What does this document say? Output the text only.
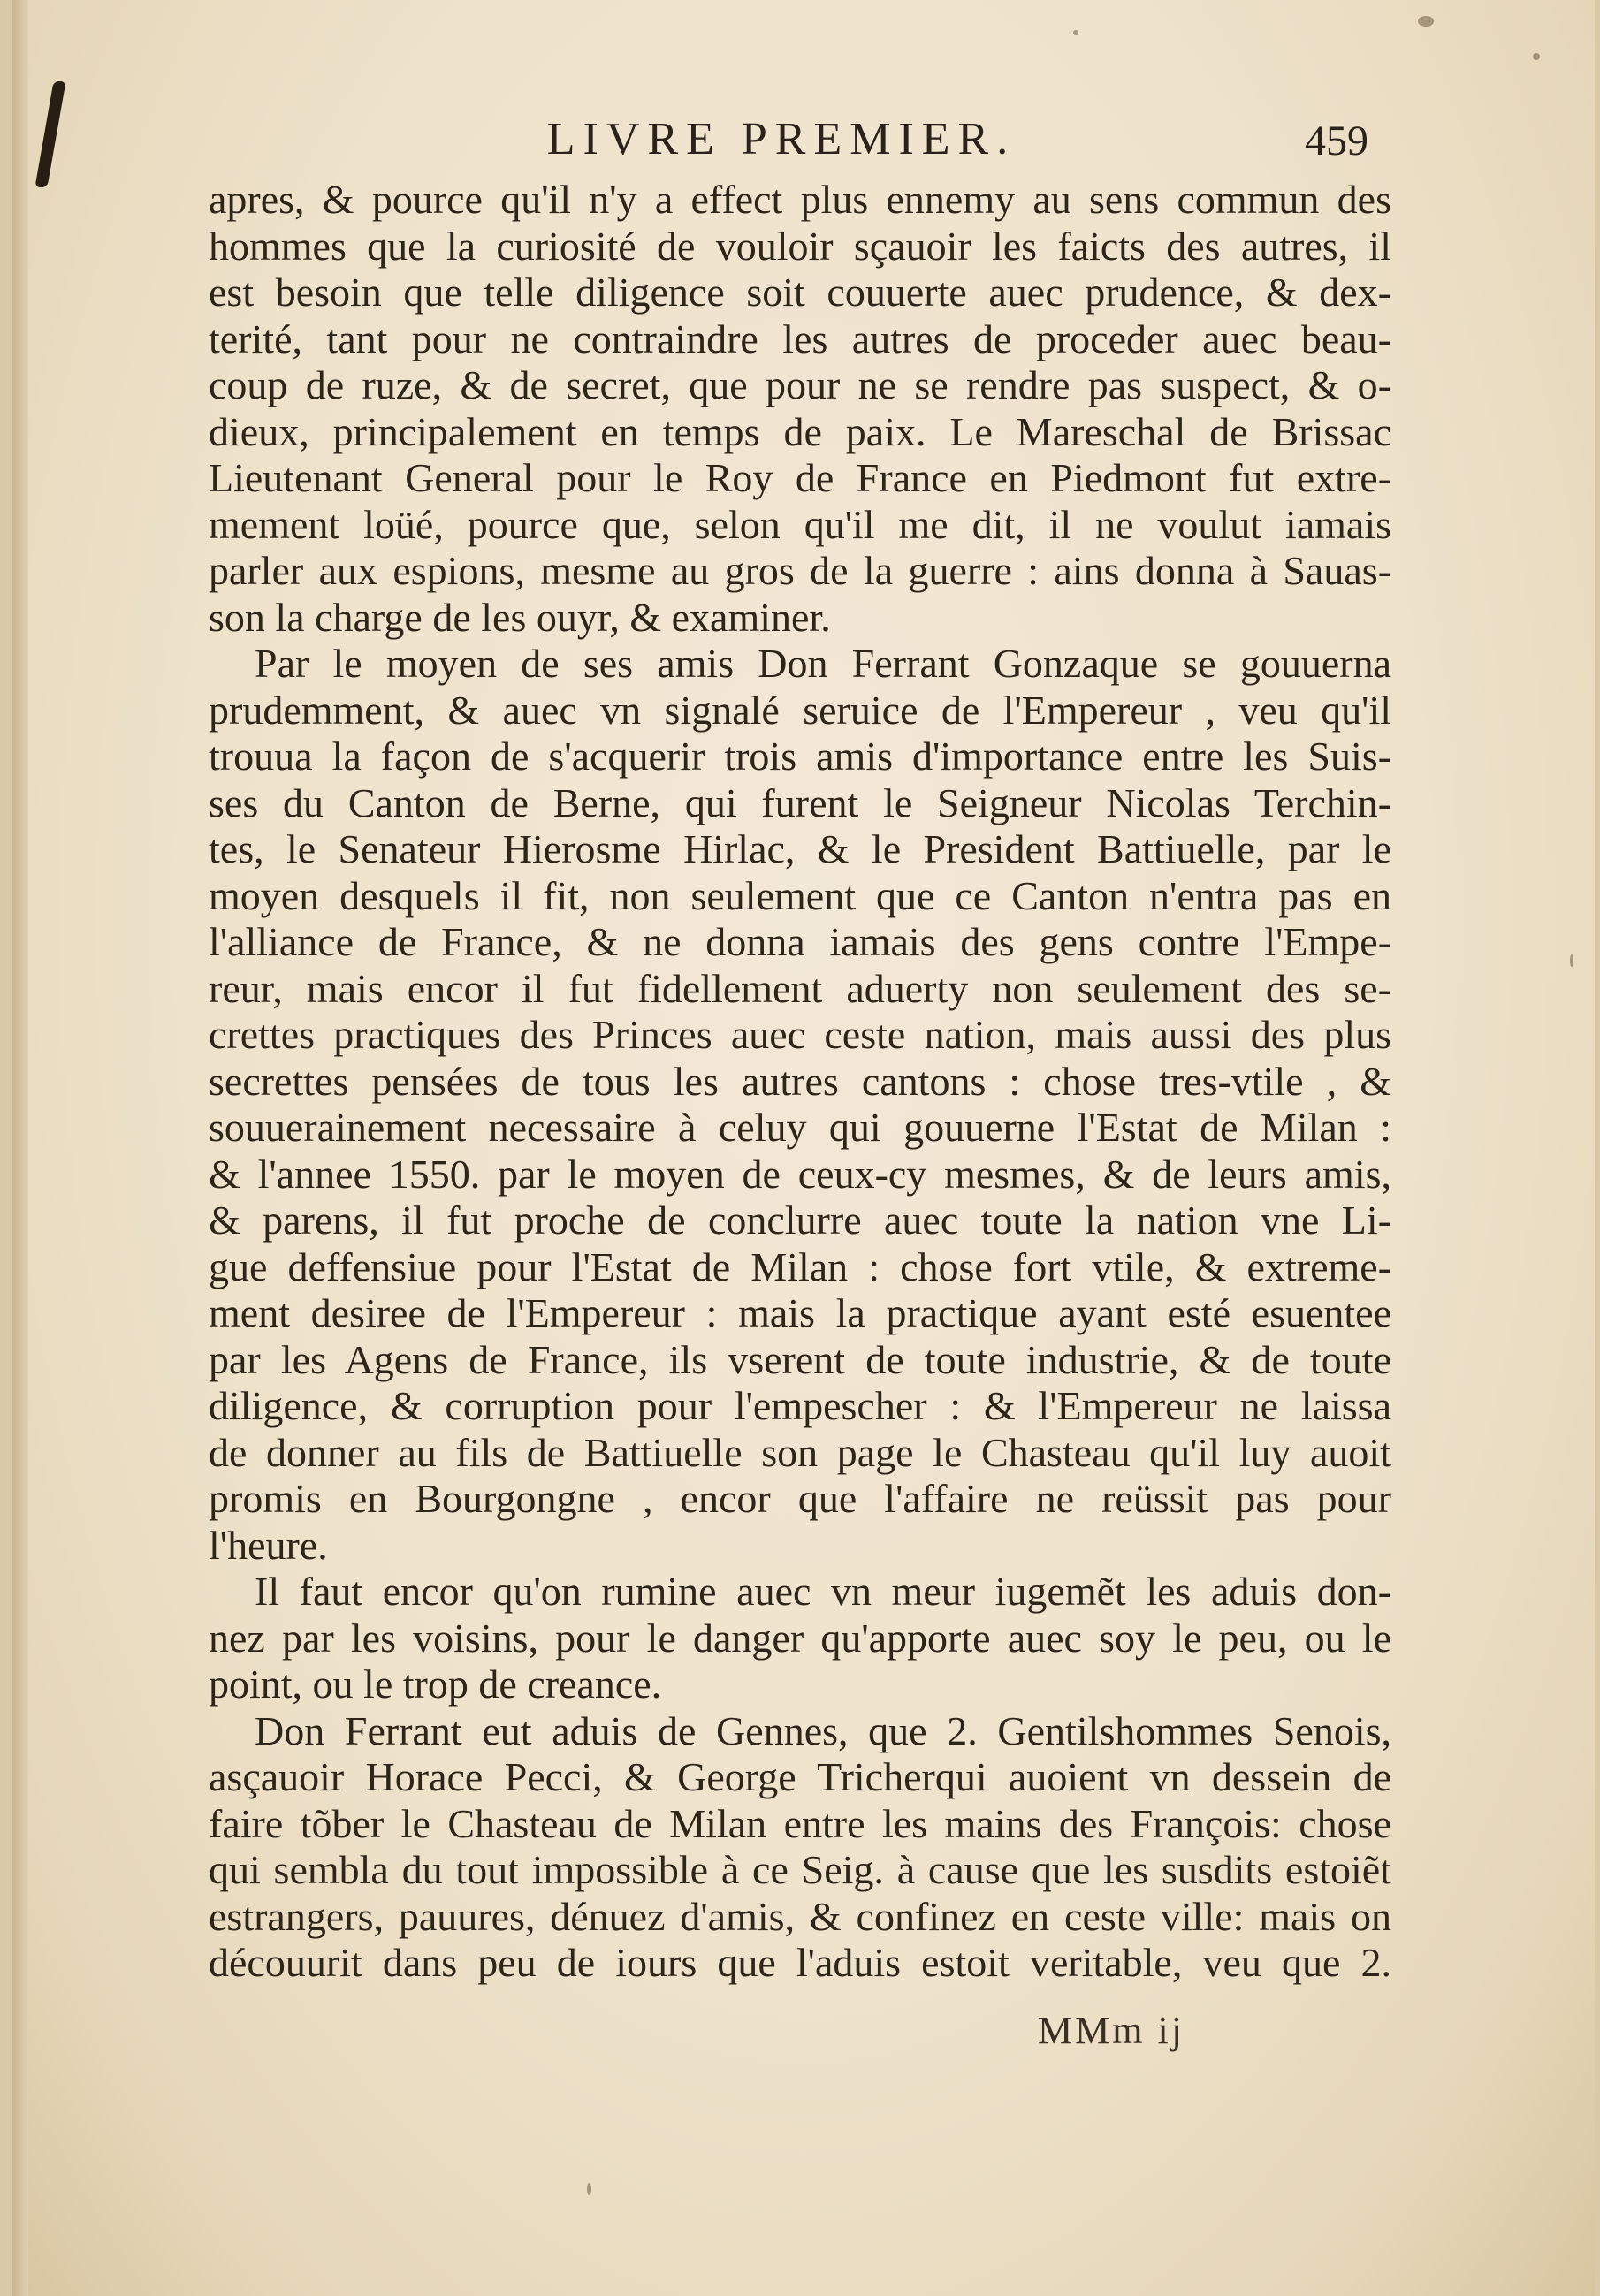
LIVRE PREMIER.	459
apres, & pource qu'il n'y a effect plus ennemy au sens commun des
hommes que la curiosité de vouloir sçauoir les faicts des autres, il
est besoin que telle diligence soit couuerte auec prudence, & dex-
terité, tant pour ne contraindre les autres de proceder auec beau-
coup de ruze, & de secret, que pour ne se rendre pas suspect, & o-
dieux, principalement en temps de paix. Le Mareschal de Brissac
Lieutenant General pour le Roy de France en Piedmont fut extre-
mement loüé, pource que, selon qu'il me dit, il ne voulut iamais
parler aux espions, mesme au gros de la guerre : ains donna à Sauas-
son la charge de les ouyr, & examiner.
Par le moyen de ses amis Don Ferrant Gonzaque se gouuerna
prudemment, & auec vn signalé seruice de l'Empereur , veu qu'il
trouua la façon de s'acquerir trois amis d'importance entre les Suis-
ses du Canton de Berne, qui furent le Seigneur Nicolas Terchin-
tes, le Senateur Hierosme Hirlac, & le President Battiuelle, par le
moyen desquels il fit, non seulement que ce Canton n'entra pas en
l'alliance de France, & ne donna iamais des gens contre l'Empe-
reur, mais encor il fut fidellement aduerty non seulement des se-
crettes practiques des Princes auec ceste nation, mais aussi des plus
secrettes pensées de tous les autres cantons : chose tres-vtile , &
souuerainement necessaire à celuy qui gouuerne l'Estat de Milan :
& l'annee 1550. par le moyen de ceux-cy mesmes, & de leurs amis,
& parens, il fut proche de conclurre auec toute la nation vne Li-
gue deffensiue pour l'Estat de Milan : chose fort vtile, & extreme-
ment desiree de l'Empereur : mais la practique ayant esté esuentee
par les Agens de France, ils vserent de toute industrie, & de toute
diligence, & corruption pour l'empescher : & l'Empereur ne laissa
de donner au fils de Battiuelle son page le Chasteau qu'il luy auoit
promis en Bourgongne , encor que l'affaire ne reüssit pas pour
l'heure.
Il faut encor qu'on rumine auec vn meur iugemẽt les aduis don-
nez par les voisins, pour le danger qu'apporte auec soy le peu, ou le
point, ou le trop de creance.
Don Ferrant eut aduis de Gennes, que 2. Gentilshommes Senois,
asçauoir Horace Pecci, & George Tricherqui auoient vn dessein de
faire tõber le Chasteau de Milan entre les mains des François: chose
qui sembla du tout impossible à ce Seig. à cause que les susdits estoiẽt
estrangers, pauures, dénuez d'amis, & confinez en ceste ville: mais on
découurit dans peu de iours que l'aduis estoit veritable, veu que 2.
MMm ij
